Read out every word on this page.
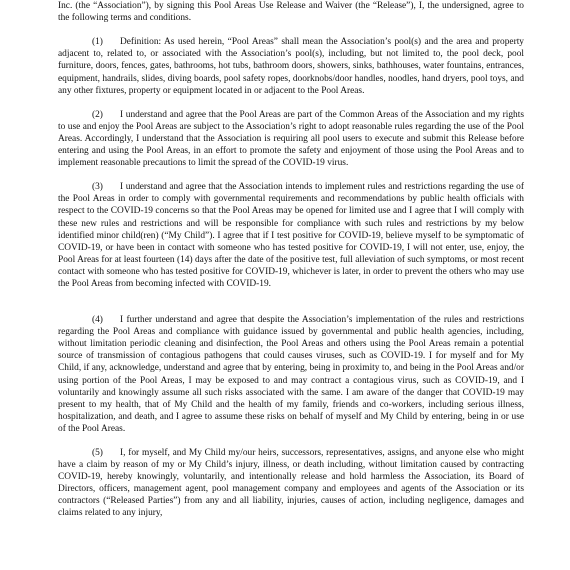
Inc. (the “Association”), by signing this Pool Areas Use Release and Waiver (the “Release”), I, the undersigned, agree to the following terms and conditions.

(1) Definition: As used herein, “Pool Areas” shall mean the Association’s pool(s) and the area and property adjacent to, related to, or associated with the Association’s pool(s), including, but not limited to, the pool deck, pool furniture, doors, fences, gates, bathrooms, hot tubs, bathroom doors, showers, sinks, bathhouses, water fountains, entrances, equipment, handrails, slides, diving boards, pool safety ropes, doorknobs/door handles, noodles, hand dryers, pool toys, and any other fixtures, property or equipment located in or adjacent to the Pool Areas.

(2) I understand and agree that the Pool Areas are part of the Common Areas of the Association and my rights to use and enjoy the Pool Areas are subject to the Association’s right to adopt reasonable rules regarding the use of the Pool Areas. Accordingly, I understand that the Association is requiring all pool users to execute and submit this Release before entering and using the Pool Areas, in an effort to promote the safety and enjoyment of those using the Pool Areas and to implement reasonable precautions to limit the spread of the COVID-19 virus.

(3) I understand and agree that the Association intends to implement rules and restrictions regarding the use of the Pool Areas in order to comply with governmental requirements and recommendations by public health officials with respect to the COVID-19 concerns so that the Pool Areas may be opened for limited use and I agree that I will comply with these new rules and restrictions and will be responsible for compliance with such rules and restrictions by my below identified minor child(ren) (“My Child”). I agree that if I test positive for COVID-19, believe myself to be symptomatic of COVID-19, or have been in contact with someone who has tested positive for COVID-19, I will not enter, use, enjoy, the Pool Areas for at least fourteen (14) days after the date of the positive test, full alleviation of such symptoms, or most recent contact with someone who has tested positive for COVID-19, whichever is later, in order to prevent the others who may use the Pool Areas from becoming infected with COVID-19.

(4) I further understand and agree that despite the Association’s implementation of the rules and restrictions regarding the Pool Areas and compliance with guidance issued by governmental and public health agencies, including, without limitation periodic cleaning and disinfection, the Pool Areas and others using the Pool Areas remain a potential source of transmission of contagious pathogens that could causes viruses, such as COVID-19. I for myself and for My Child, if any, acknowledge, understand and agree that by entering, being in proximity to, and being in the Pool Areas and/or using portion of the Pool Areas, I may be exposed to and may contract a contagious virus, such as COVID-19, and I voluntarily and knowingly assume all such risks associated with the same. I am aware of the danger that COVID-19 may present to my health, that of My Child and the health of my family, friends and co-workers, including serious illness, hospitalization, and death, and I agree to assume these risks on behalf of myself and My Child by entering, being in or use of the Pool Areas.

(5) I, for myself, and My Child my/our heirs, successors, representatives, assigns, and anyone else who might have a claim by reason of my or My Child’s injury, illness, or death including, without limitation caused by contracting COVID-19, hereby knowingly, voluntarily, and intentionally release and hold harmless the Association, its Board of Directors, officers, management agent, pool management company and employees and agents of the Association or its contractors (“Released Parties”) from any and all liability, injuries, causes of action, including negligence, damages and claims related to any injury,
